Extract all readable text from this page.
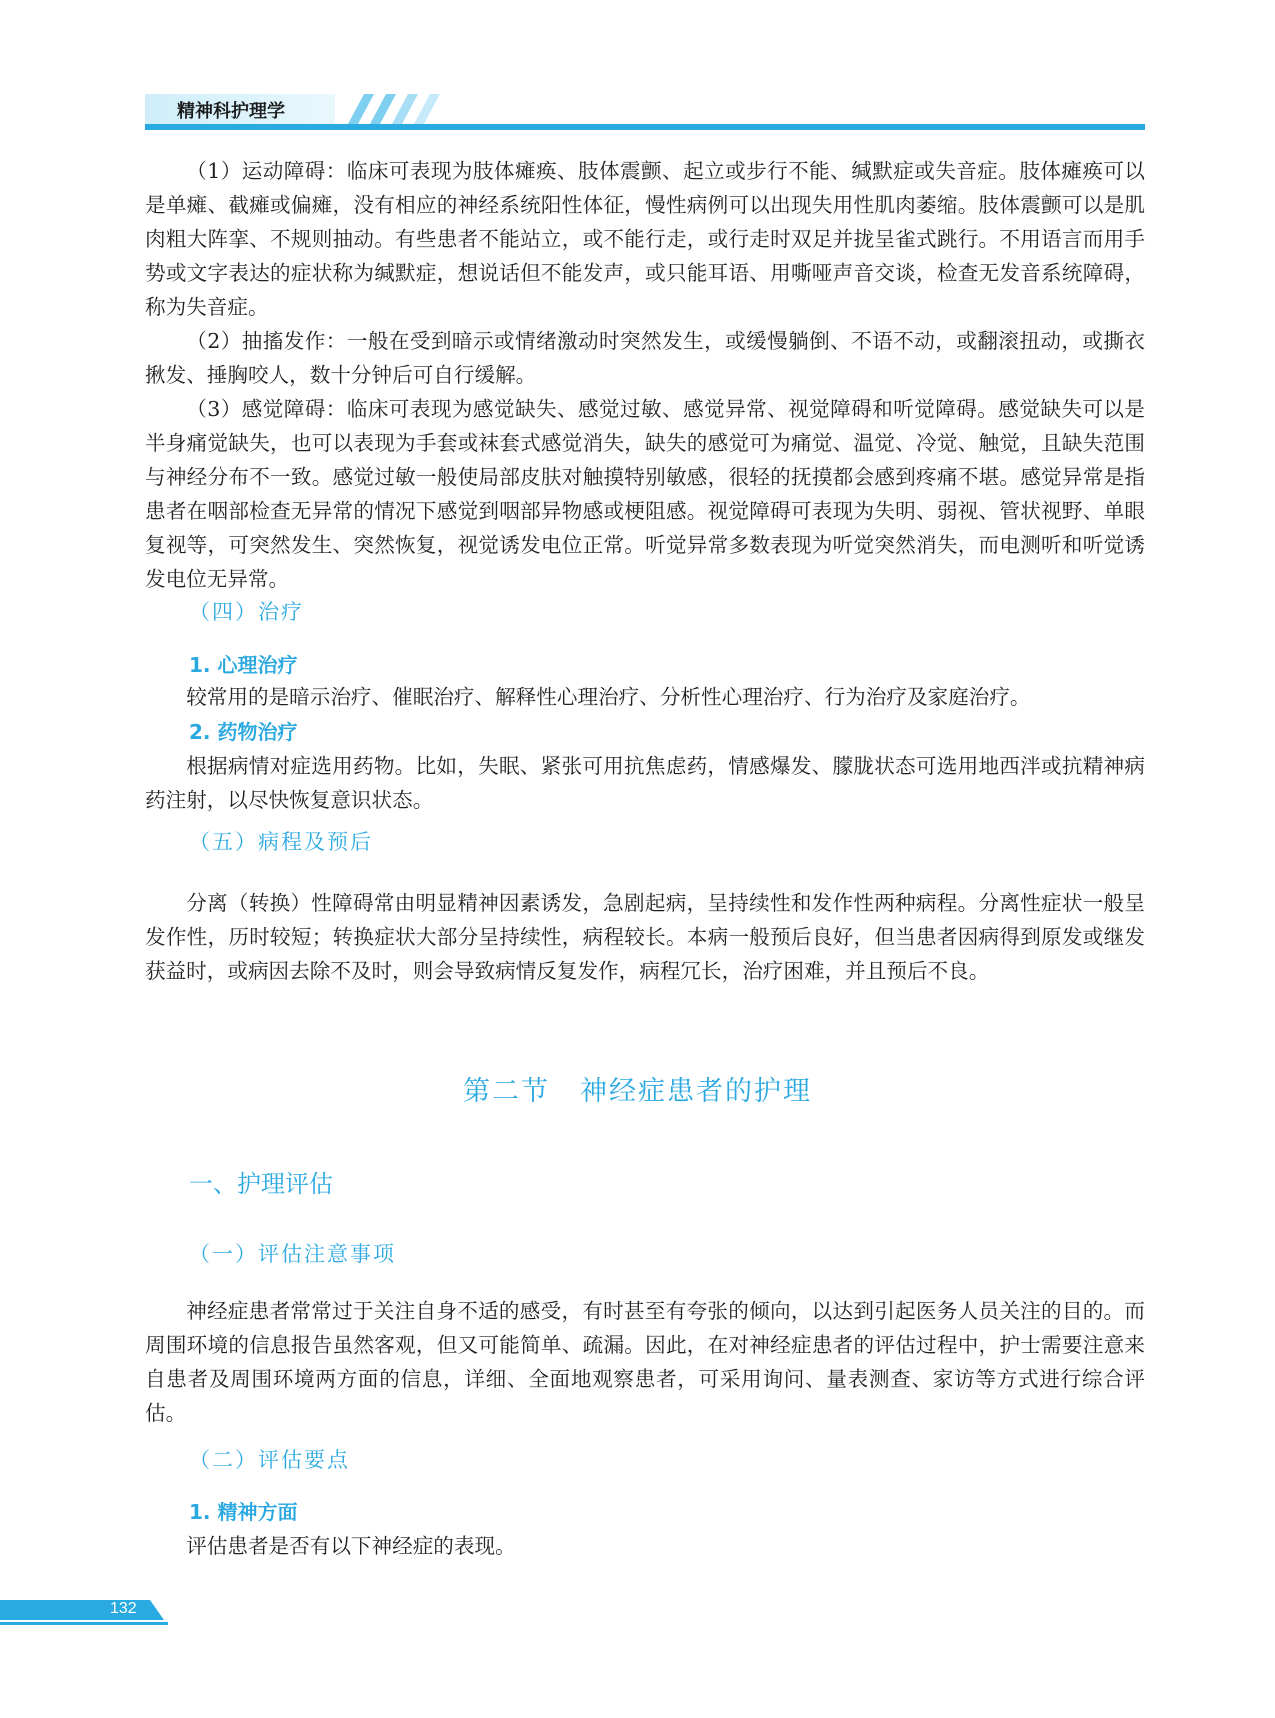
精神科护理学

（1）运动障碍：临床可表现为肢体瘫痪、肢体震颤、起立或步行不能、缄默症或失音症。肢体瘫痪可以是单瘫、截瘫或偏瘫，没有相应的神经系统阳性体征，慢性病例可以出现失用性肌肉萎缩。肢体震颤可以是肌肉粗大阵挛、不规则抽动。有些患者不能站立，或不能行走，或行走时双足并拢呈雀式跳行。不用语言而用手势或文字表达的症状称为缄默症，想说话但不能发声，或只能耳语、用嘶哑声音交谈，检查无发音系统障碍，称为失音症。

（2）抽搐发作：一般在受到暗示或情绪激动时突然发生，或缓慢躺倒、不语不动，或翻滚扭动，或撕衣揪发、捶胸咬人，数十分钟后可自行缓解。

（3）感觉障碍：临床可表现为感觉缺失、感觉过敏、感觉异常、视觉障碍和听觉障碍。感觉缺失可以是半身痛觉缺失，也可以表现为手套或袜套式感觉消失，缺失的感觉可为痛觉、温觉、冷觉、触觉，且缺失范围与神经分布不一致。感觉过敏一般使局部皮肤对触摸特别敏感，很轻的抚摸都会感到疼痛不堪。感觉异常是指患者在咽部检查无异常的情况下感觉到咽部异物感或梗阻感。视觉障碍可表现为失明、弱视、管状视野、单眼复视等，可突然发生、突然恢复，视觉诱发电位正常。听觉异常多数表现为听觉突然消失，而电测听和听觉诱发电位无异常。

（四）治疗
1. 心理治疗

较常用的是暗示治疗、催眠治疗、解释性心理治疗、分析性心理治疗、行为治疗及家庭治疗。

2. 药物治疗

根据病情对症选用药物。比如，失眠、紧张可用抗焦虑药，情感爆发、朦胧状态可选用地西泮或抗精神病药注射，以尽快恢复意识状态。

（五）病程及预后

分离（转换）性障碍常由明显精神因素诱发，急剧起病，呈持续性和发作性两种病程。分离性症状一般呈发作性，历时较短；转换症状大部分呈持续性，病程较长。本病一般预后良好，但当患者因病得到原发或继发获益时，或病因去除不及时，则会导致病情反复发作，病程冗长，治疗困难，并且预后不良。

第二节 神经症患者的护理
一、护理评估
（一）评估注意事项

神经症患者常常过于关注自身不适的感受，有时甚至有夸张的倾向，以达到引起医务人员关注的目的。而周围环境的信息报告虽然客观，但又可能简单、疏漏。因此，在对神经症患者的评估过程中，护士需要注意来自患者及周围环境两方面的信息，详细、全面地观察患者，可采用询问、量表测查、家访等方式进行综合评估。

（二）评估要点
1. 精神方面

评估患者是否有以下神经症的表现。

132
